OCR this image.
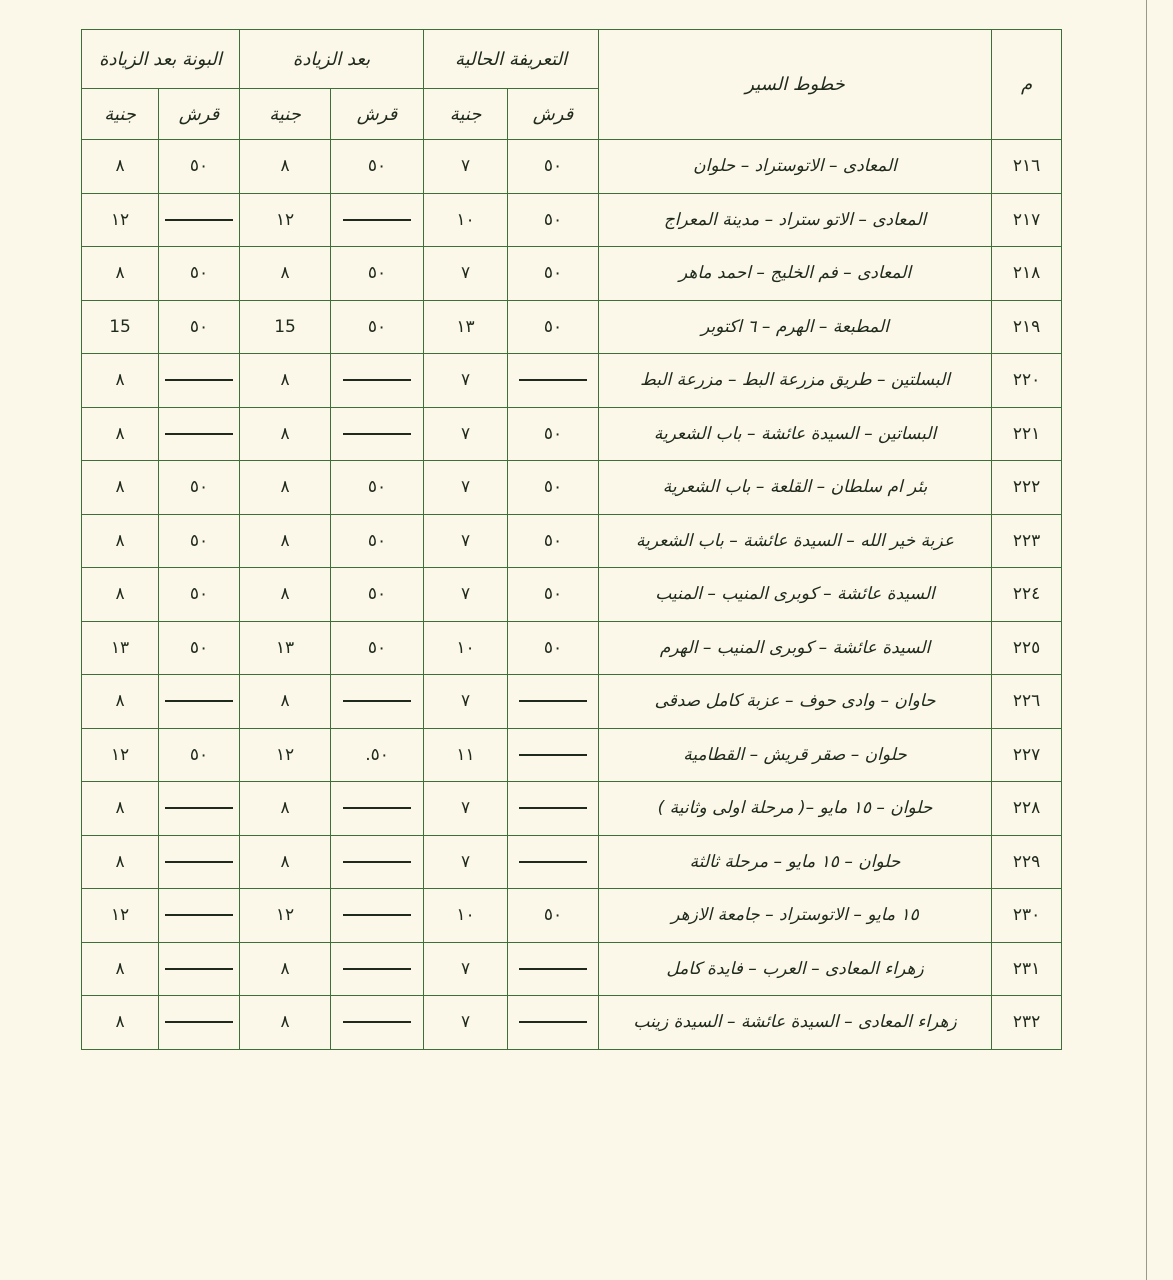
م	خطوط السير	التعريفة الحالية		بعد الزيادة		البونة بعد الزيادة	
		قرش	جنية	قرش	جنية	قرش	جنية
٢١٦	المعادى – الاتوستراد – حلوان	٥٠	٧	٥٠	٨	٥٠	٨
٢١٧	المعادى – الاتو ستراد – مدينة المعراج	٥٠	١٠		١٢		١٢
٢١٨	المعادى – فم الخليج – احمد ماهر	٥٠	٧	٥٠	٨	٥٠	٨
٢١٩	المطبعة – الهرم – ٦ اكتوبر	٥٠	١٣	٥٠	15	٥٠	15
٢٢٠	البسلتين – طريق مزرعة البط – مزرعة البط		٧		٨		٨
٢٢١	البساتين – السيدة عائشة – باب الشعرية	٥٠	٧		٨		٨
٢٢٢	بئر ام سلطان – القلعة – باب الشعرية	٥٠	٧	٥٠	٨	٥٠	٨
٢٢٣	عزبة خير الله – السيدة عائشة – باب الشعرية	٥٠	٧	٥٠	٨	٥٠	٨
٢٢٤	السيدة عائشة – كوبرى المنيب – المنيب	٥٠	٧	٥٠	٨	٥٠	٨
٢٢٥	السيدة عائشة – كوبرى المنيب – الهرم	٥٠	١٠	٥٠	١٣	٥٠	١٣
٢٢٦	حاوان – وادى حوف – عزبة كامل صدقى		٧		٨		٨
٢٢٧	حلوان – صقر قريش – القطامية		١١	٥٠.	١٢	٥٠	١٢
٢٢٨	حلوان – ١٥ مايو –( مرحلة اولى وثانية )		٧		٨		٨
٢٢٩	حلوان – ١٥ مايو – مرحلة ثالثة		٧		٨		٨
٢٣٠	١٥ مايو – الاتوستراد – جامعة الازهر	٥٠	١٠		١٢		١٢
٢٣١	زهراء المعادى – العرب – فايدة كامل		٧		٨		٨
٢٣٢	زهراء المعادى – السيدة عائشة – السيدة زينب		٧		٨		٨
